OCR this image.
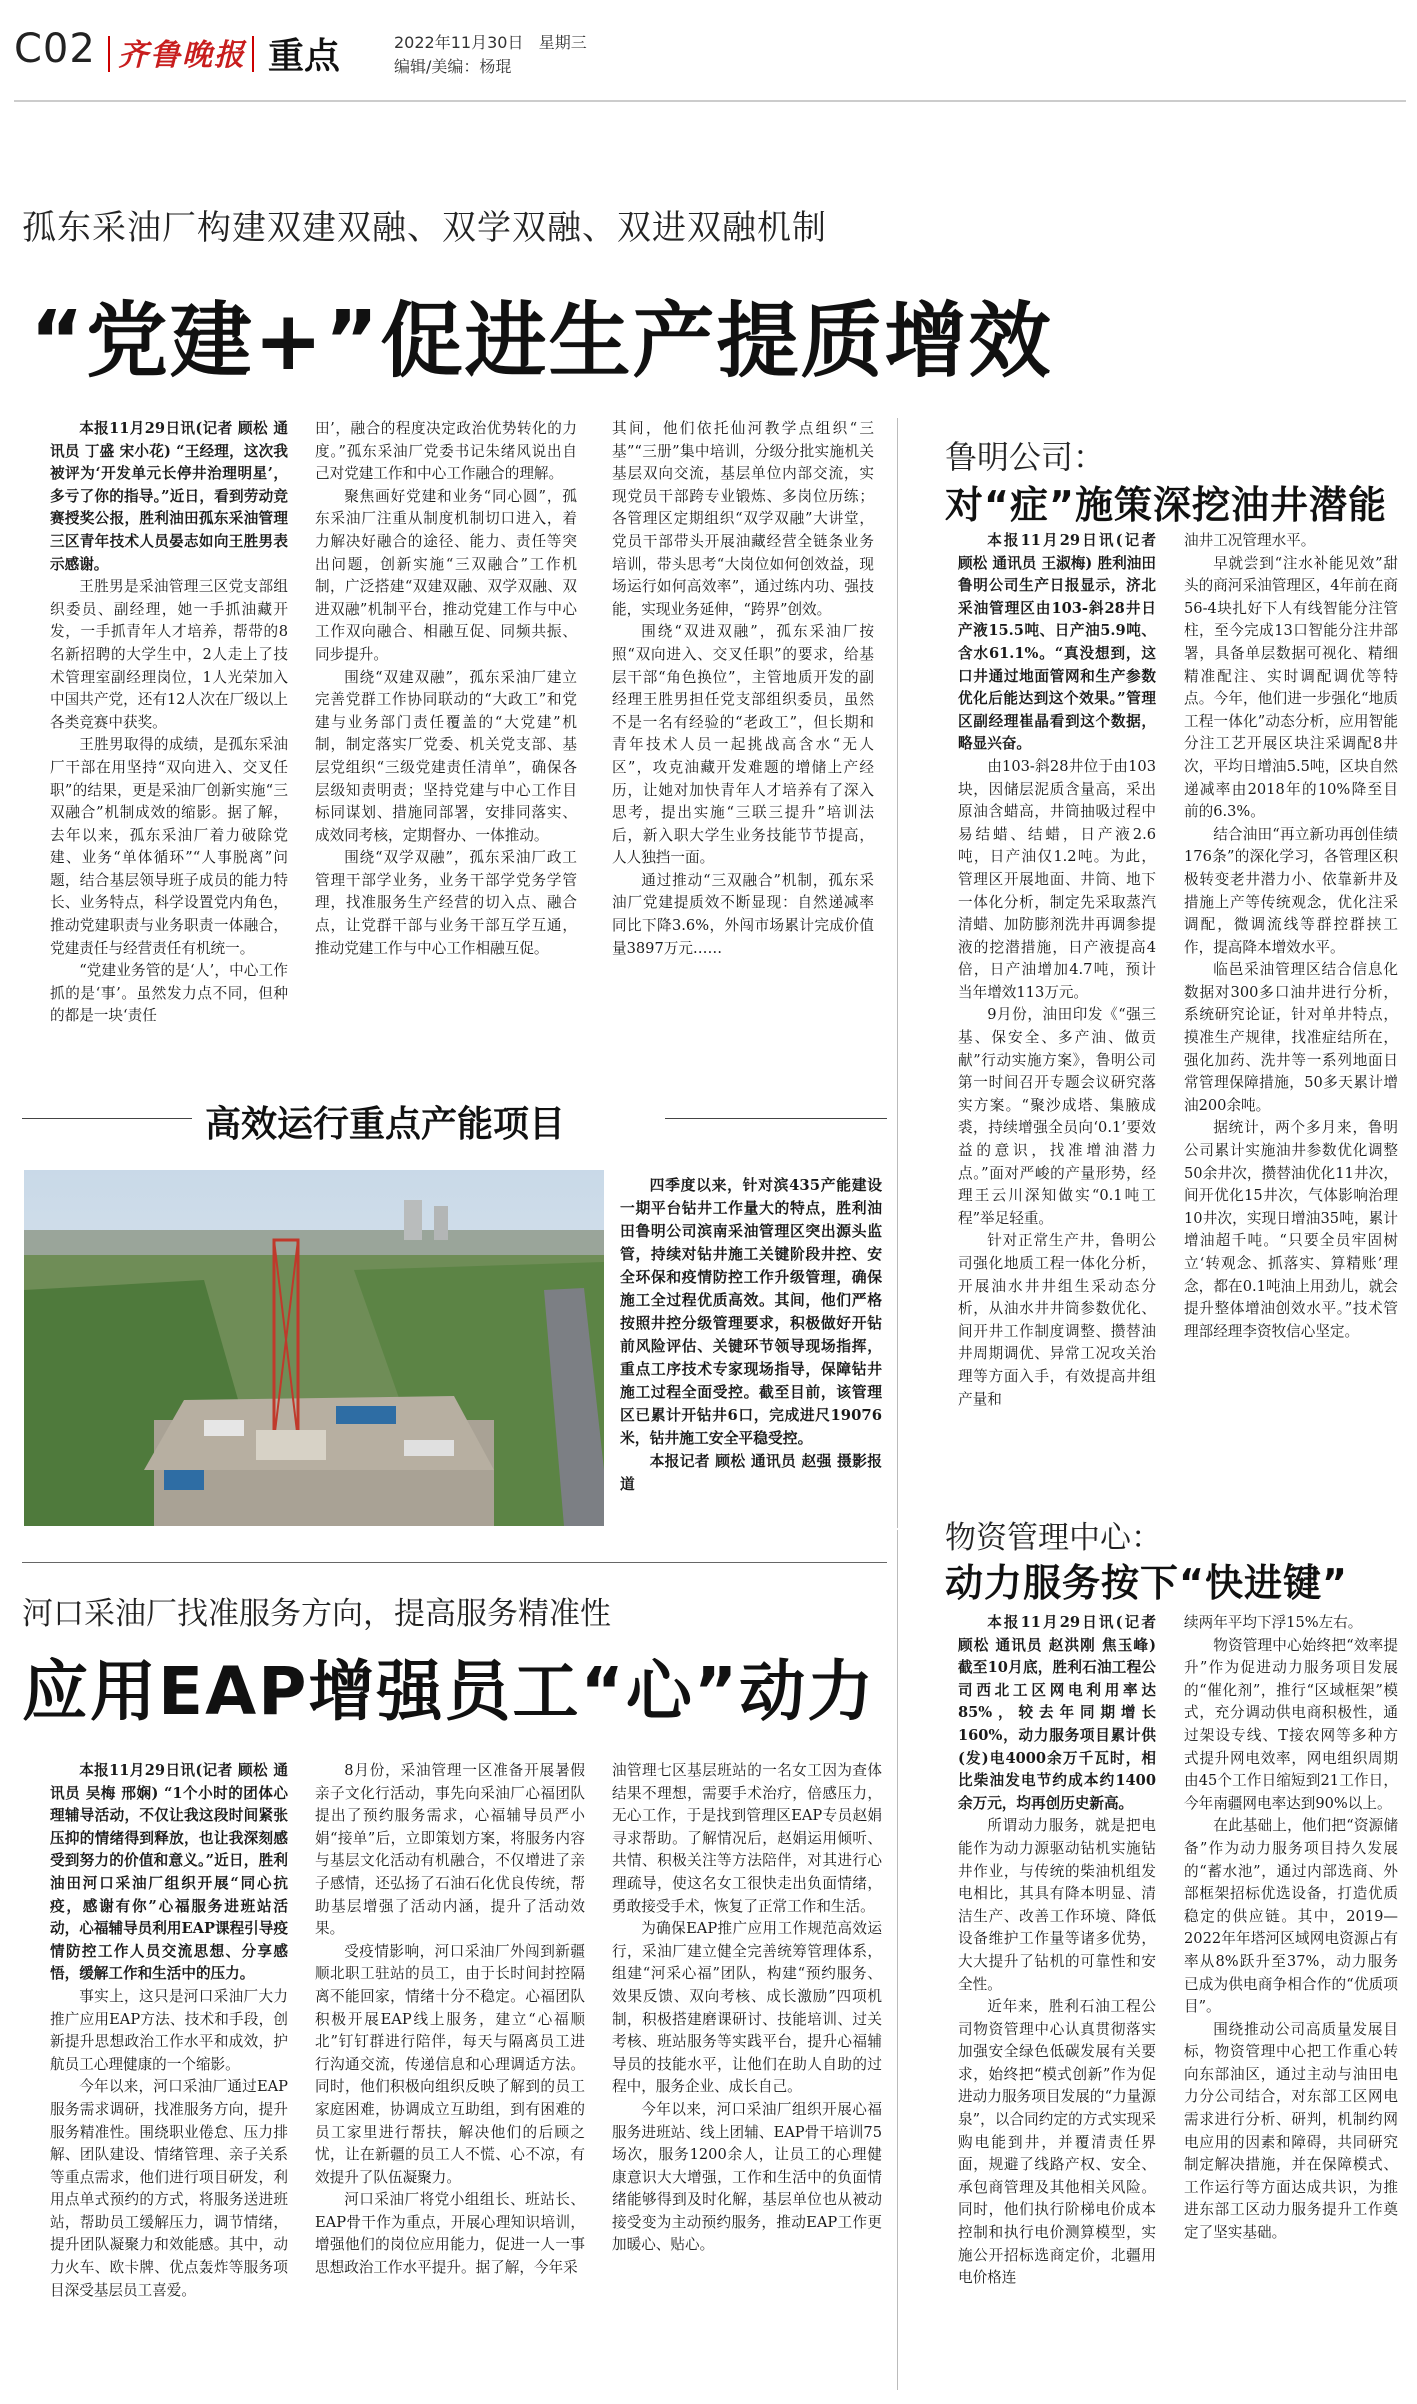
C02 齐鲁晚报 重点	2022年11月30日 星期三
编辑/美编：杨琨
孤东采油厂构建双建双融、双学双融、双进双融机制
“党建+”促进生产提质增效

本报11月29日讯(记者 顾松 通讯员 丁盛 宋小花) “王经理，这次我被评为‘开发单元长停井治理明星’，多亏了你的指导。”近日，看到劳动竞赛授奖公报，胜利油田孤东采油管理三区青年技术人员晏志如向王胜男表示感谢。

王胜男是采油管理三区党支部组织委员、副经理，她一手抓油藏开发，一手抓青年人才培养，帮带的8名新招聘的大学生中，2人走上了技术管理室副经理岗位，1人光荣加入中国共产党，还有12人次在厂级以上各类竞赛中获奖。

王胜男取得的成绩，是孤东采油厂干部在用坚持“双向进入、交叉任职”的结果，更是采油厂创新实施“三双融合”机制成效的缩影。据了解，去年以来，孤东采油厂着力破除党建、业务“单体循环”“人事脱离”问题，结合基层领导班子成员的能力特长、业务特点，科学设置党内角色，推动党建职责与业务职责一体融合，党建责任与经营责任有机统一。

“党建业务管的是‘人’，中心工作抓的是‘事’。虽然发力点不同，但种的都是一块‘责任

田’，融合的程度决定政治优势转化的力度。”孤东采油厂党委书记朱绪风说出自己对党建工作和中心工作融合的理解。

聚焦画好党建和业务“同心圆”，孤东采油厂注重从制度机制切口进入，着力解决好融合的途径、能力、责任等突出问题，创新实施“三双融合”工作机制，广泛搭建“双建双融、双学双融、双进双融”机制平台，推动党建工作与中心工作双向融合、相融互促、同频共振、同步提升。

围绕“双建双融”，孤东采油厂建立完善党群工作协同联动的“大政工”和党建与业务部门责任覆盖的“大党建”机制，制定落实厂党委、机关党支部、基层党组织“三级党建责任清单”，确保各层级知责明责；坚持党建与中心工作目标同谋划、措施同部署，安排同落实、成效同考核，定期督办、一体推动。

围绕“双学双融”，孤东采油厂政工管理干部学业务，业务干部学党务学管理，找准服务生产经营的切入点、融合点，让党群干部与业务干部互学互通，推动党建工作与中心工作相融互促。

其间，他们依托仙河教学点组织“三基”“三册”集中培训，分级分批实施机关基层双向交流，基层单位内部交流，实现党员干部跨专业锻炼、多岗位历练；各管理区定期组织“双学双融”大讲堂，党员干部带头开展油藏经营全链条业务培训，带头思考“大岗位如何创效益，现场运行如何高效率”，通过练内功、强技能，实现业务延伸，“跨界”创效。

围绕“双进双融”，孤东采油厂按照“双向进入、交叉任职”的要求，给基层干部“角色换位”，主管地质开发的副经理王胜男担任党支部组织委员，虽然不是一名有经验的“老政工”，但长期和青年技术人员一起挑战高含水“无人区”，攻克油藏开发难题的增储上产经历，让她对加快青年人才培养有了深入思考，提出实施“三联三提升”培训法后，新入职大学生业务技能节节提高，人人独挡一面。

通过推动“三双融合”机制，孤东采油厂党建提质效不断显现：自然递减率同比下降3.6%，外闯市场累计完成价值量3897万元……

高效运行重点产能项目

四季度以来，针对滨435产能建设一期平台钻井工作量大的特点，胜利油田鲁明公司滨南采油管理区突出源头监管，持续对钻井施工关键阶段井控、安全环保和疫情防控工作升级管理，确保施工全过程优质高效。其间，他们严格按照井控分级管理要求，积极做好开钻前风险评估、关键环节领导现场指挥，重点工序技术专家现场指导，保障钻井施工过程全面受控。截至目前，该管理区已累计开钻井6口，完成进尺19076米，钻井施工安全平稳受控。

本报记者 顾松 通讯员 赵强 摄影报道

鲁明公司：
对“症”施策深挖油井潜能

本报11月29日讯(记者 顾松 通讯员 王淑梅) 胜利油田鲁明公司生产日报显示，济北采油管理区由103-斜28井日产液15.5吨、日产油5.9吨、含水61.1%。“真没想到，这口井通过地面管网和生产参数优化后能达到这个效果。”管理区副经理崔晶看到这个数据，略显兴奋。

由103-斜28井位于由103块，因储层泥质含量高，采出原油含蜡高，井筒抽吸过程中易结蜡、结蜡，日产液2.6吨，日产油仅1.2吨。为此，管理区开展地面、井筒、地下一体化分析，制定先采取蒸汽清蜡、加防膨剂洗井再调参提液的挖潜措施，日产液提高4倍，日产油增加4.7吨，预计当年增效113万元。

9月份，油田印发《“强三基、保安全、多产油、做贡献”行动实施方案》，鲁明公司第一时间召开专题会议研究落实方案。“聚沙成塔、集腋成裘，持续增强全员向‘0.1’要效益的意识，找准增油潜力点。”面对严峻的产量形势，经理王云川深知做实“0.1吨工程”举足轻重。

针对正常生产井，鲁明公司强化地质工程一体化分析，开展油水井井组生采动态分析，从油水井井筒参数优化、间开井工作制度调整、攒替油井周期调优、异常工况攻关治理等方面入手，有效提高井组产量和

油井工况管理水平。

早就尝到“注水补能见效”甜头的商河采油管理区，4年前在商56-4块扎好下人有线智能分注管柱，至今完成13口智能分注井部署，具备单层数据可视化、精细精准配注、实时调配调优等特点。今年，他们进一步强化“地质工程一体化”动态分析，应用智能分注工艺开展区块注采调配8井次，平均日增油5.5吨，区块自然递减率由2018年的10%降至目前的6.3%。

结合油田“再立新功再创佳绩176条”的深化学习，各管理区积极转变老井潜力小、依靠新井及措施上产等传统观念，优化注采调配，微调流线等群控群挟工作，提高降本增效水平。

临邑采油管理区结合信息化数据对300多口油井进行分析，系统研究论证，针对单井特点，摸准生产规律，找准症结所在，强化加药、洗井等一系列地面日常管理保障措施，50多天累计增油200余吨。

据统计，两个多月来，鲁明公司累计实施油井参数优化调整50余井次，攒替油优化11井次，间开优化15井次，气体影响治理10井次，实现日增油35吨，累计增油超千吨。“只要全员牢固树立‘转观念、抓落实、算精账’理念，都在0.1吨油上用劲儿，就会提升整体增油创效水平。”技术管理部经理李资牧信心坚定。

河口采油厂找准服务方向，提高服务精准性
应用EAP增强员工“心”动力

本报11月29日讯(记者 顾松 通讯员 吴梅 邢娴) “1个小时的团体心理辅导活动，不仅让我这段时间紧张压抑的情绪得到释放，也让我深刻感受到努力的价值和意义。”近日，胜利油田河口采油厂组织开展“同心抗疫，感谢有你”心福服务进班站活动，心福辅导员利用EAP课程引导疫情防控工作人员交流思想、分享感悟，缓解工作和生活中的压力。

事实上，这只是河口采油厂大力推广应用EAP方法、技术和手段，创新提升思想政治工作水平和成效，护航员工心理健康的一个缩影。

今年以来，河口采油厂通过EAP服务需求调研，找准服务方向，提升服务精准性。围绕职业倦怠、压力排解、团队建设、情绪管理、亲子关系等重点需求，他们进行项目研发，利用点单式预约的方式，将服务送进班站，帮助员工缓解压力，调节情绪，提升团队凝聚力和效能感。其中，动力火车、欧卡牌、优点轰炸等服务项目深受基层员工喜爱。

8月份，采油管理一区准备开展暑假亲子文化行活动，事先向采油厂心福团队提出了预约服务需求，心福辅导员严小娟“接单”后，立即策划方案，将服务内容与基层文化活动有机融合，不仅增进了亲子感情，还弘扬了石油石化优良传统，帮助基层增强了活动内涵，提升了活动效果。

受疫情影响，河口采油厂外闯到新疆顺北职工驻站的员工，由于长时间封控隔离不能回家，情绪十分不稳定。心福团队积极开展EAP线上服务，建立“心福顺北”钉钉群进行陪伴，每天与隔离员工进行沟通交流，传递信息和心理调适方法。同时，他们积极向组织反映了解到的员工家庭困难，协调成立互助组，到有困难的员工家里进行帮扶，解决他们的后顾之忧，让在新疆的员工人不慌、心不凉，有效提升了队伍凝聚力。

河口采油厂将党小组组长、班站长、EAP骨干作为重点，开展心理知识培训，增强他们的岗位应用能力，促进一人一事思想政治工作水平提升。据了解，今年采

油管理七区基层班站的一名女工因为查体结果不理想，需要手术治疗，倍感压力，无心工作，于是找到管理区EAP专员赵娟寻求帮助。了解情况后，赵娟运用倾听、共情、积极关注等方法陪伴，对其进行心理疏导，使这名女工很快走出负面情绪，勇敢接受手术，恢复了正常工作和生活。

为确保EAP推广应用工作规范高效运行，采油厂建立健全完善统筹管理体系，组建“河采心福”团队，构建“预约服务、效果反馈、双向考核、成长激励”四项机制，积极搭建磨课研讨、技能培训、过关考核、班站服务等实践平台，提升心福辅导员的技能水平，让他们在助人自助的过程中，服务企业、成长自己。

今年以来，河口采油厂组织开展心福服务进班站、线上团辅、EAP骨干培训75场次，服务1200余人，让员工的心理健康意识大大增强，工作和生活中的负面情绪能够得到及时化解，基层单位也从被动接受变为主动预约服务，推动EAP工作更加暖心、贴心。

物资管理中心：
动力服务按下“快进键”

本报11月29日讯(记者 顾松 通讯员 赵洪刚 焦玉峰) 截至10月底，胜利石油工程公司西北工区网电利用率达85%，较去年同期增长160%，动力服务项目累计供(发)电4000余万千瓦时，相比柴油发电节约成本约1400余万元，均再创历史新高。

所谓动力服务，就是把电能作为动力源驱动钻机实施钻井作业，与传统的柴油机组发电相比，其具有降本明显、清洁生产、改善工作环境、降低设备维护工作量等诸多优势，大大提升了钻机的可靠性和安全性。

近年来，胜利石油工程公司物资管理中心认真贯彻落实加强安全绿色低碳发展有关要求，始终把“模式创新”作为促进动力服务项目发展的“力量源泉”，以合同约定的方式实现采购电能到井，并覆清责任界面，规避了线路产权、安全、承包商管理及其他相关风险。同时，他们执行阶梯电价成本控制和执行电价测算模型，实施公开招标选商定价，北疆用电价格连

续两年平均下浮15%左右。

物资管理中心始终把“效率提升”作为促进动力服务项目发展的“催化剂”，推行“区域框架”模式，充分调动供电商积极性，通过架设专线、T接农网等多种方式提升网电效率，网电组织周期由45个工作日缩短到21工作日，今年南疆网电率达到90%以上。

在此基础上，他们把“资源储备”作为动力服务项目持久发展的“蓄水池”，通过内部选商、外部框架招标优选设备，打造优质稳定的供应链。其中，2019—2022年年塔河区域网电资源占有率从8%跃升至37%，动力服务已成为供电商争相合作的“优质项目”。

围绕推动公司高质量发展目标，物资管理中心把工作重心转向东部油区，通过主动与油田电力分公司结合，对东部工区网电需求进行分析、研判，机制约网电应用的因素和障碍，共同研究制定解决措施，并在保障模式、工作运行等方面达成共识，为推进东部工区动力服务提升工作奠定了坚实基础。
